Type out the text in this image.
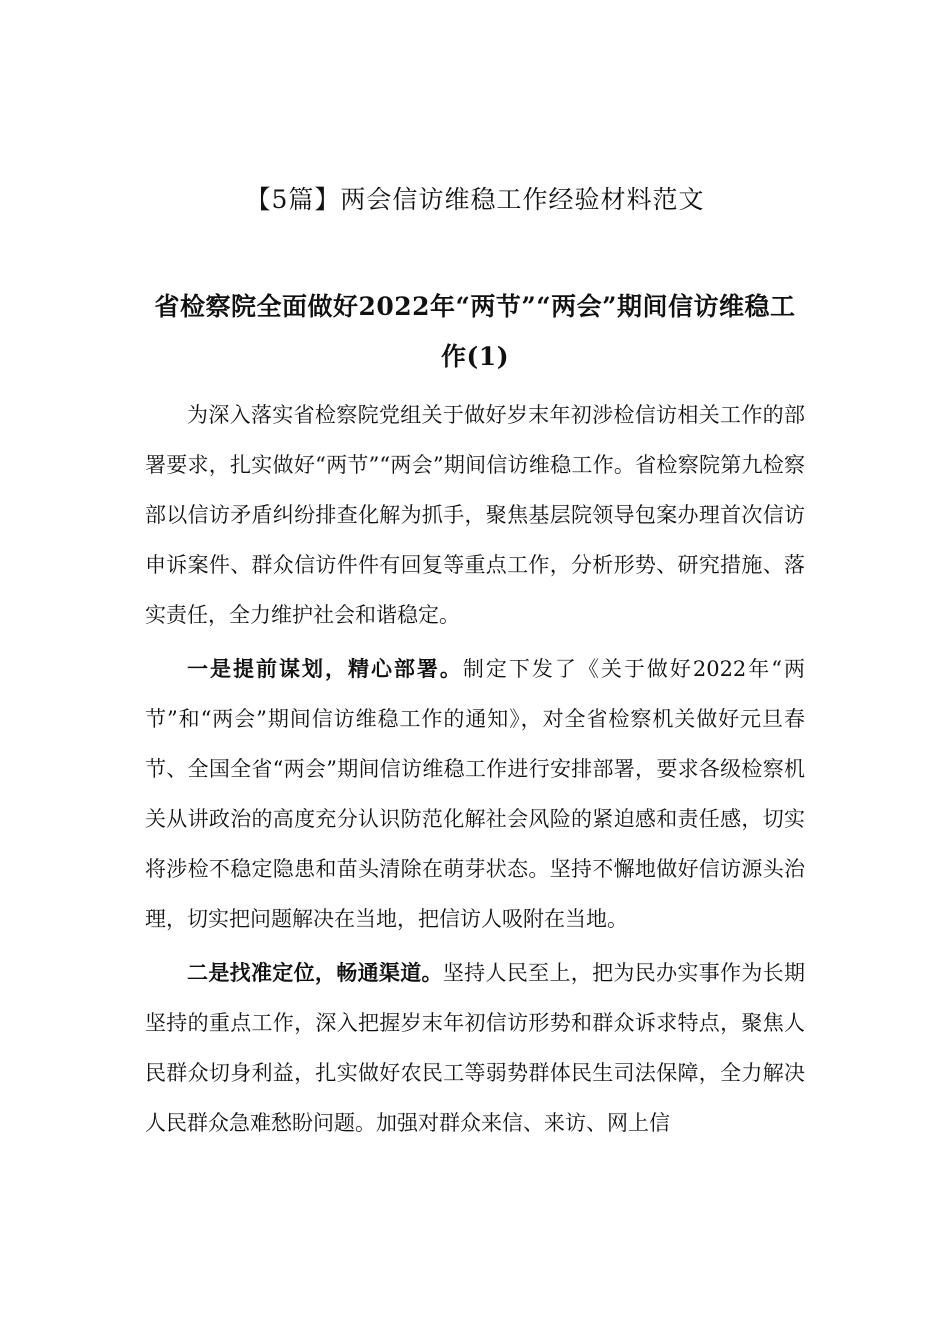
【5篇】两会信访维稳工作经验材料范文
省检察院全面做好2022年“两节”“两会”期间信访维稳工作(1)

为深入落实省检察院党组关于做好岁末年初涉检信访相关工作的部署要求，扎实做好“两节”“两会”期间信访维稳工作。省检察院第九检察部以信访矛盾纠纷排查化解为抓手，聚焦基层院领导包案办理首次信访申诉案件、群众信访件件有回复等重点工作，分析形势、研究措施、落实责任，全力维护社会和谐稳定。

一是提前谋划，精心部署。制定下发了《关于做好2022年“两节”和“两会”期间信访维稳工作的通知》，对全省检察机关做好元旦春节、全国全省“两会”期间信访维稳工作进行安排部署，要求各级检察机关从讲政治的高度充分认识防范化解社会风险的紧迫感和责任感，切实将涉检不稳定隐患和苗头清除在萌芽状态。坚持不懈地做好信访源头治理，切实把问题解决在当地，把信访人吸附在当地。

二是找准定位，畅通渠道。坚持人民至上，把为民办实事作为长期坚持的重点工作，深入把握岁末年初信访形势和群众诉求特点，聚焦人民群众切身利益，扎实做好农民工等弱势群体民生司法保障，全力解决人民群众急难愁盼问题。加强对群众来信、来访、网上信
